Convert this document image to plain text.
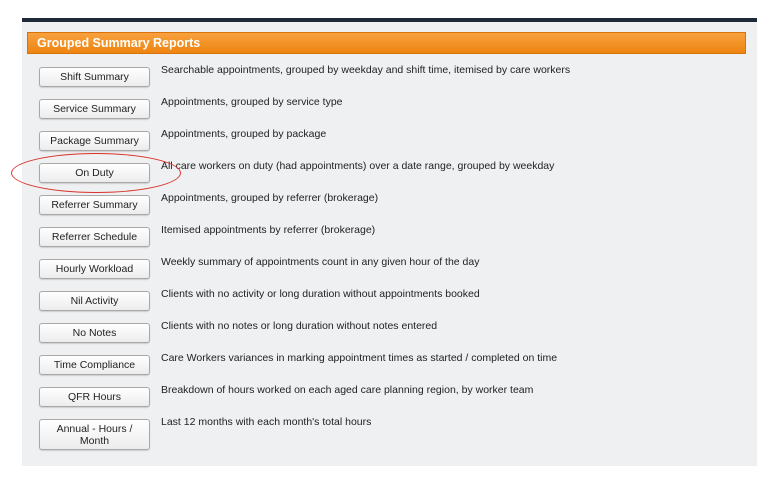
Grouped Summary Reports
Shift Summary
Searchable appointments, grouped by weekday and shift time, itemised by care workers
Service Summary
Appointments, grouped by service type
Package Summary
Appointments, grouped by package
On Duty
All care workers on duty (had appointments) over a date range, grouped by weekday
Referrer Summary
Appointments, grouped by referrer (brokerage)
Referrer Schedule
Itemised appointments by referrer (brokerage)
Hourly Workload
Weekly summary of appointments count in any given hour of the day
Nil Activity
Clients with no activity or long duration without appointments booked
No Notes
Clients with no notes or long duration without notes entered
Time Compliance
Care Workers variances in marking appointment times as started / completed on time
QFR Hours
Breakdown of hours worked on each aged care planning region, by worker team
Annual - Hours / Month
Last 12 months with each month's total hours
